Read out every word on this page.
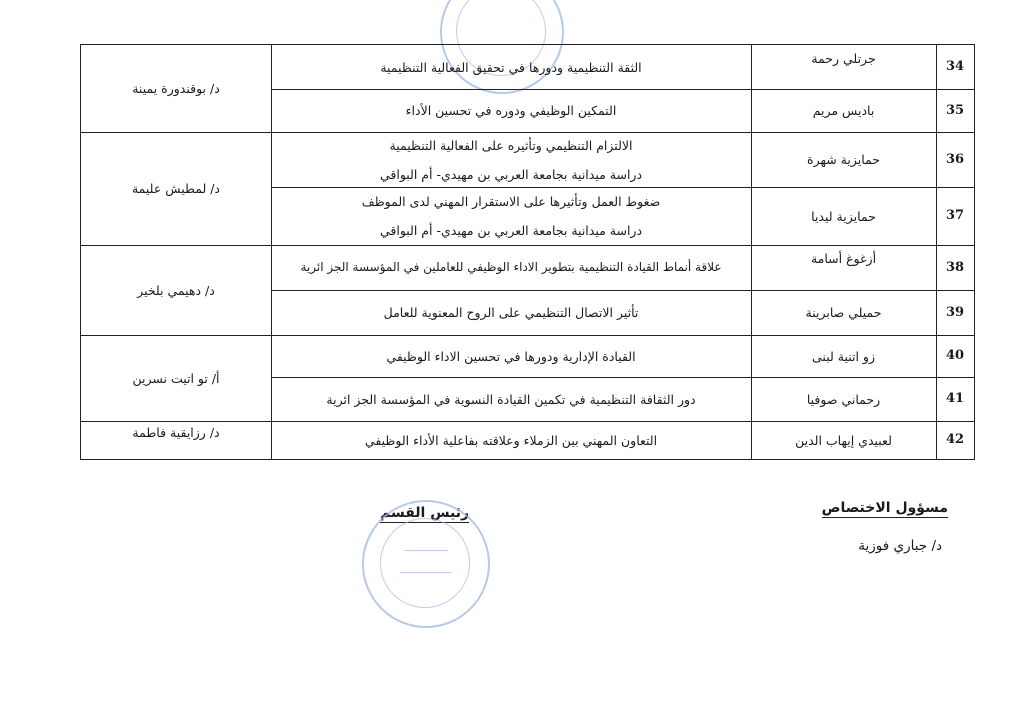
34
جرتلي رحمة
الثقة التنظيمية ودورها في تحقيق الفعالية التنظيمية
35
باديس مريم
التمكين الوظيفي ودوره في تحسين الأداء
د/ بوقندورة يمينة
36
حمايزية شهرة
الالتزام التنظيمي وتأثيره على الفعالية التنظيمية
دراسة ميدانية بجامعة العربي بن مهيدي- أم البواقي
37
حمايزية ليديا
ضغوط العمل وتأثيرها على الاستقرار المهني لدى الموظف
دراسة ميدانية بجامعة العربي بن مهيدي- أم البواقي
د/ لمطيش عليمة
38
أزغوغ أسامة
علاقة أنماط القيادة التنظيمية بتطوير الاداء الوظيفي للعاملين في المؤسسة الجز ائرية
39
حميلي صابرينة
تأثير الاتصال التنظيمي على الروح المعنوية للعامل
د/ دهيمي بلخير
40
زو اتنية لبنى
القيادة الإدارية ودورها في تحسين الاداء الوظيفي
41
رحماني صوفيا
دور الثقافة التنظيمية في تكمين القيادة النسوية في المؤسسة الجز ائرية
أ/ تو اتيت نسرين
42
لعبيدي إيهاب الدين
التعاون المهني بين الزملاء وعلاقته بفاعلية الأداء الوظيفي
د/ رزايقية فاطمة
مسؤول الاختصاص
د/ جباري فوزية
رئيس القسم
